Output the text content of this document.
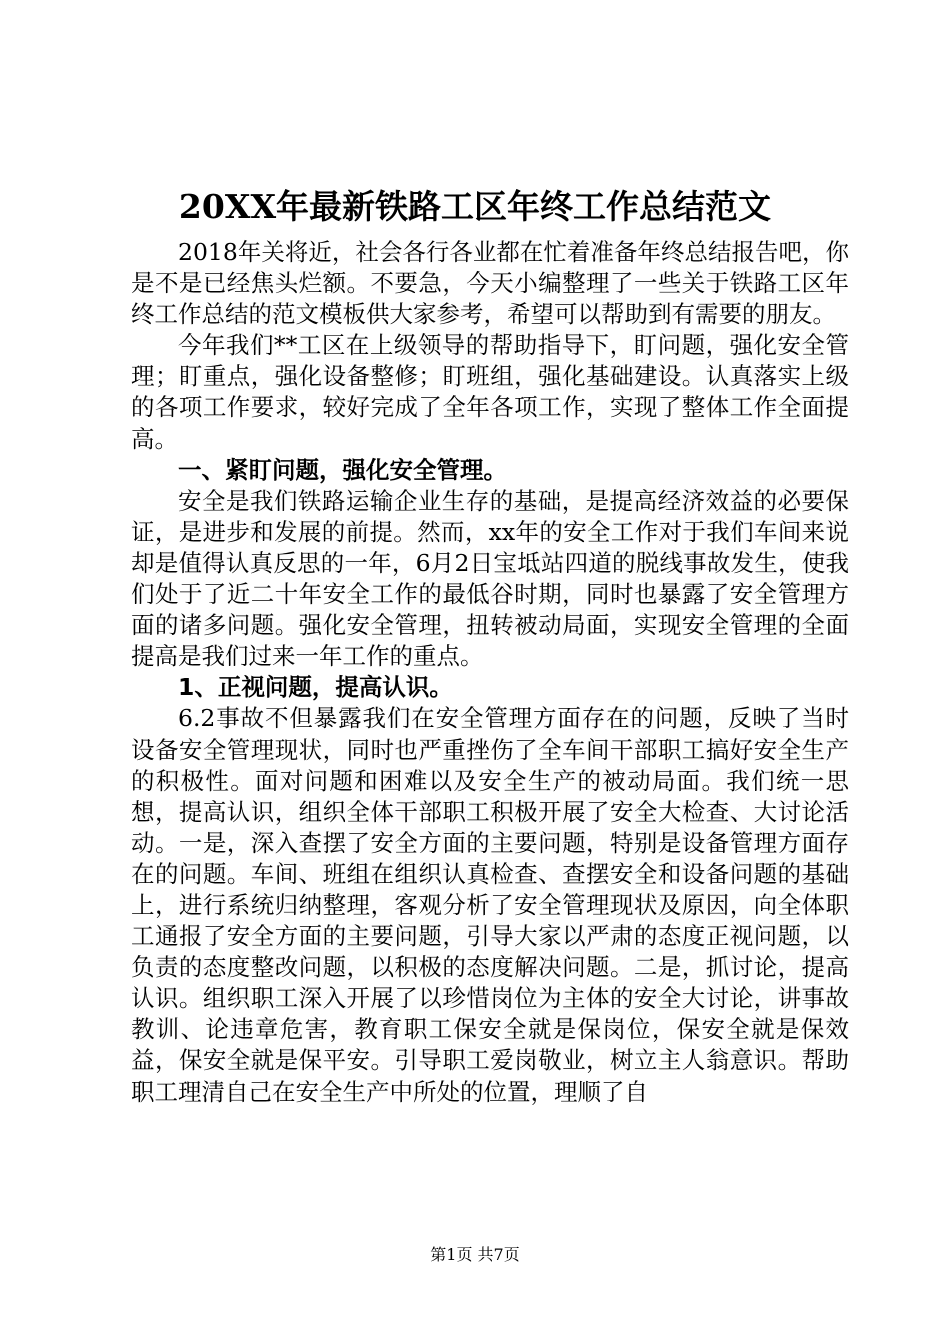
20XX年最新铁路工区年终工作总结范文

2018年关将近，社会各行各业都在忙着准备年终总结报告吧，你是不是已经焦头烂额。不要急，今天小编整理了一些关于铁路工区年终工作总结的范文模板供大家参考，希望可以帮助到有需要的朋友。

今年我们**工区在上级领导的帮助指导下，盯问题，强化安全管理；盯重点，强化设备整修；盯班组，强化基础建设。认真落实上级的各项工作要求，较好完成了全年各项工作，实现了整体工作全面提高。

一、紧盯问题，强化安全管理。

安全是我们铁路运输企业生存的基础，是提高经济效益的必要保证，是进步和发展的前提。然而，xx年的安全工作对于我们车间来说却是值得认真反思的一年，6月2日宝坻站四道的脱线事故发生，使我们处于了近二十年安全工作的最低谷时期，同时也暴露了安全管理方面的诸多问题。强化安全管理，扭转被动局面，实现安全管理的全面提高是我们过来一年工作的重点。

1、正视问题，提高认识。

6.2事故不但暴露我们在安全管理方面存在的问题，反映了当时设备安全管理现状，同时也严重挫伤了全车间干部职工搞好安全生产的积极性。面对问题和困难以及安全生产的被动局面。我们统一思想，提高认识，组织全体干部职工积极开展了安全大检查、大讨论活动。一是，深入查摆了安全方面的主要问题，特别是设备管理方面存在的问题。车间、班组在组织认真检查、查摆安全和设备问题的基础上，进行系统归纳整理，客观分析了安全管理现状及原因，向全体职工通报了安全方面的主要问题，引导大家以严肃的态度正视问题，以负责的态度整改问题，以积极的态度解决问题。二是，抓讨论，提高认识。组织职工深入开展了以珍惜岗位为主体的安全大讨论，讲事故教训、论违章危害，教育职工保安全就是保岗位，保安全就是保效益，保安全就是保平安。引导职工爱岗敬业，树立主人翁意识。帮助职工理清自己在安全生产中所处的位置，理顺了自

第1页 共7页
